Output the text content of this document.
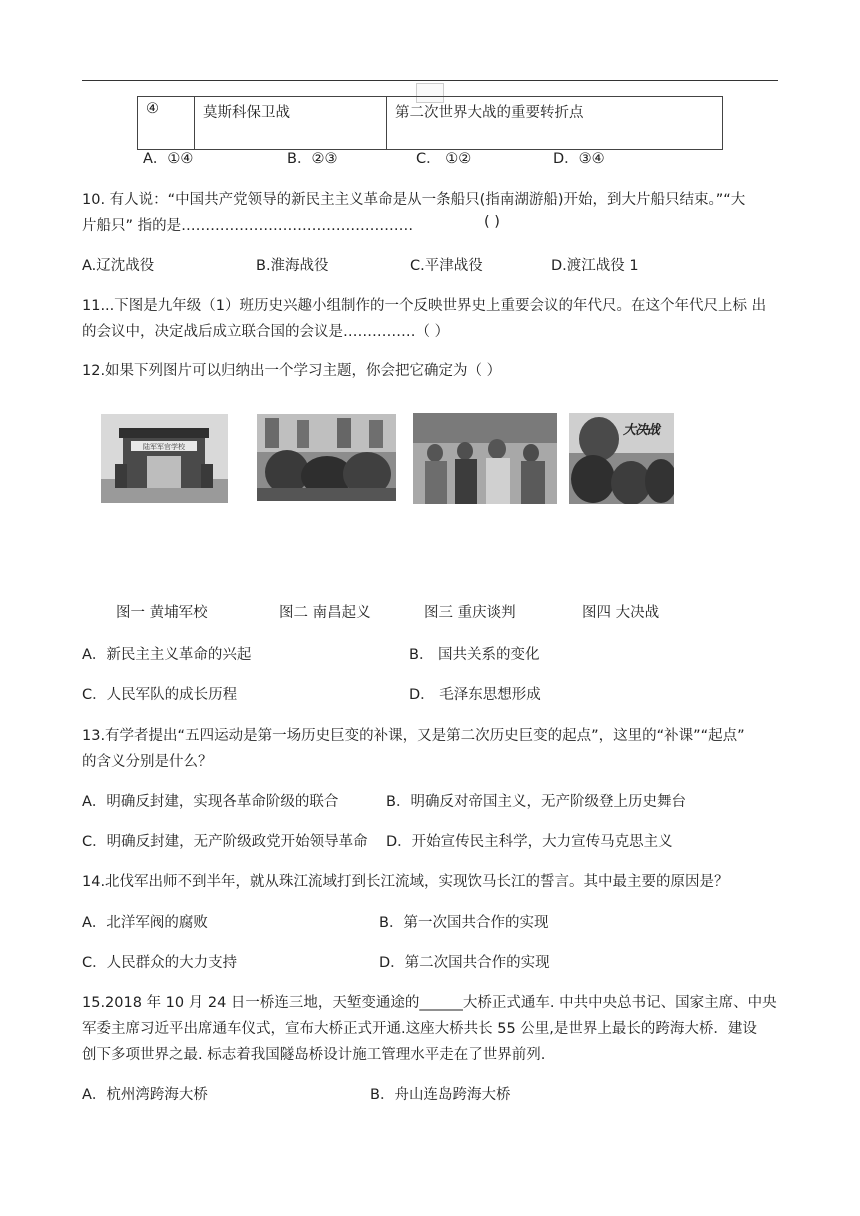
④	莫斯科保卫战	第二次世界大战的重要转折点
A．①④	B．②③	C． ①②	D．③④
10. 有人说：“中国共产党领导的新民主主义革命是从一条船只(指南湖游船)开始，到大片船只结束。”“大
片船只” 指的是…………………………………………	( )
A.辽沈战役	B.淮海战役	C.平津战役	D.渡江战役 1
11...下图是九年级（1）班历史兴趣小组制作的一个反映世界史上重要会议的年代尺。在这个年代尺上标 出
的会议中，决定战后成立联合国的会议是……………（ ）
12.如果下列图片可以归纳出一个学习主题，你会把它确定为（ ）
陆军军官学校
大决战
图一 黄埔军校	图二 南昌起义	图三 重庆谈判	图四 大决战
A．新民主主义革命的兴起	B． 国共关系的变化
C．人民军队的成长历程	D． 毛泽东思想形成
13.有学者提出“五四运动是第一场历史巨变的补课，又是第二次历史巨变的起点”，这里的“补课”“起点”
的含义分别是什么？
A．明确反封建，实现各革命阶级的联合	B．明确反对帝国主义，无产阶级登上历史舞台
C．明确反封建，无产阶级政党开始领导革命 D．开始宣传民主科学，大力宣传马克思主义
14.北伐军出师不到半年，就从珠江流域打到长江流域，实现饮马长江的誓言。其中最主要的原因是？
A．北洋军阀的腐败	B．第一次国共合作的实现
C．人民群众的大力支持	D．第二次国共合作的实现
15.2018 年 10 月 24 日一桥连三地，天堑变通途的______大桥正式通车. 中共中央总书记、国家主席、中央
军委主席习近平出席通车仪式，宣布大桥正式开通.这座大桥共长 55 公里,是世界上最长的跨海大桥．建设
创下多项世界之最. 标志着我国隧岛桥设计施工管理水平走在了世界前列.
A．杭州湾跨海大桥	B．舟山连岛跨海大桥
